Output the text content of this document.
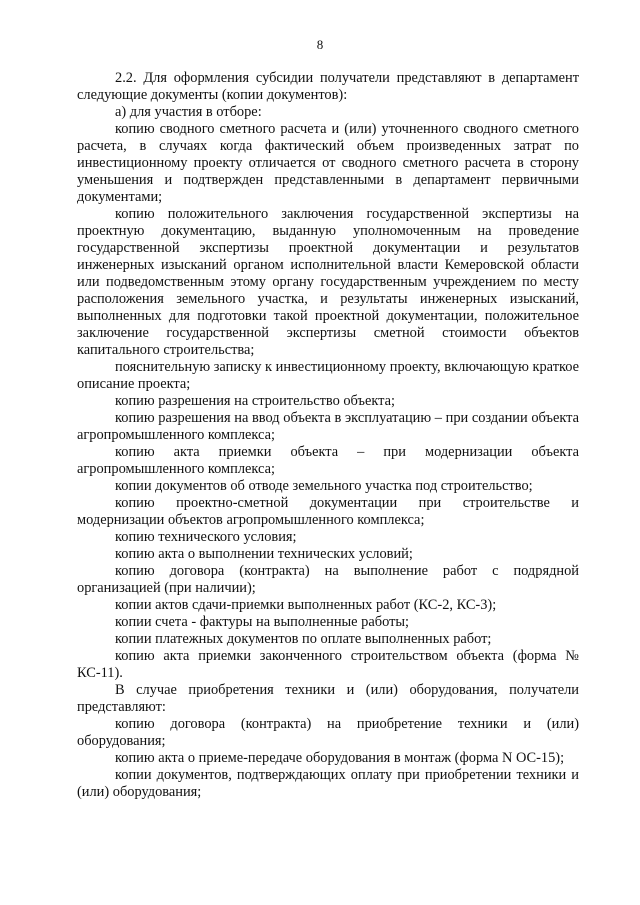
8

2.2. Для оформления субсидии получатели представляют в департамент следующие документы (копии документов):

а) для участия в отборе:

копию сводного сметного расчета и (или) уточненного сводного сметного расчета, в случаях когда фактический объем произведенных затрат по инвестиционному проекту отличается от сводного сметного расчета в сторону уменьшения и подтвержден представленными в департамент первичными документами;

копию положительного заключения государственной экспертизы на проектную документацию, выданную уполномоченным на проведение государственной экспертизы проектной документации и результатов инженерных изысканий органом исполнительной власти Кемеровской области или подведомственным этому органу государственным учреждением по месту расположения земельного участка, и результаты инженерных изысканий, выполненных для подготовки такой проектной документации, положительное заключение государственной экспертизы сметной стоимости объектов капитального строительства;

пояснительную записку к инвестиционному проекту, включающую краткое описание проекта;

копию разрешения на строительство объекта;

копию разрешения на ввод объекта в эксплуатацию – при создании объекта агропромышленного комплекса;

копию акта приемки объекта – при модернизации объекта агропромышленного комплекса;

копии документов об отводе земельного участка под строительство;

копию проектно-сметной документации при строительстве и модернизации объектов агропромышленного комплекса;

копию технического условия;

копию акта о выполнении технических условий;

копию договора (контракта) на выполнение работ с подрядной организацией (при наличии);

копии актов сдачи-приемки выполненных работ (КС-2, КС-3);

копии счета - фактуры на выполненные работы;

копии платежных документов по оплате выполненных работ;

копию акта приемки законченного строительством объекта (форма № КС-11).

В случае приобретения техники и (или) оборудования, получатели представляют:

копию договора (контракта) на приобретение техники и (или) оборудования;

копию акта о приеме-передаче оборудования в монтаж (форма N ОС-15);

копии документов, подтверждающих оплату при приобретении техники и (или) оборудования;
